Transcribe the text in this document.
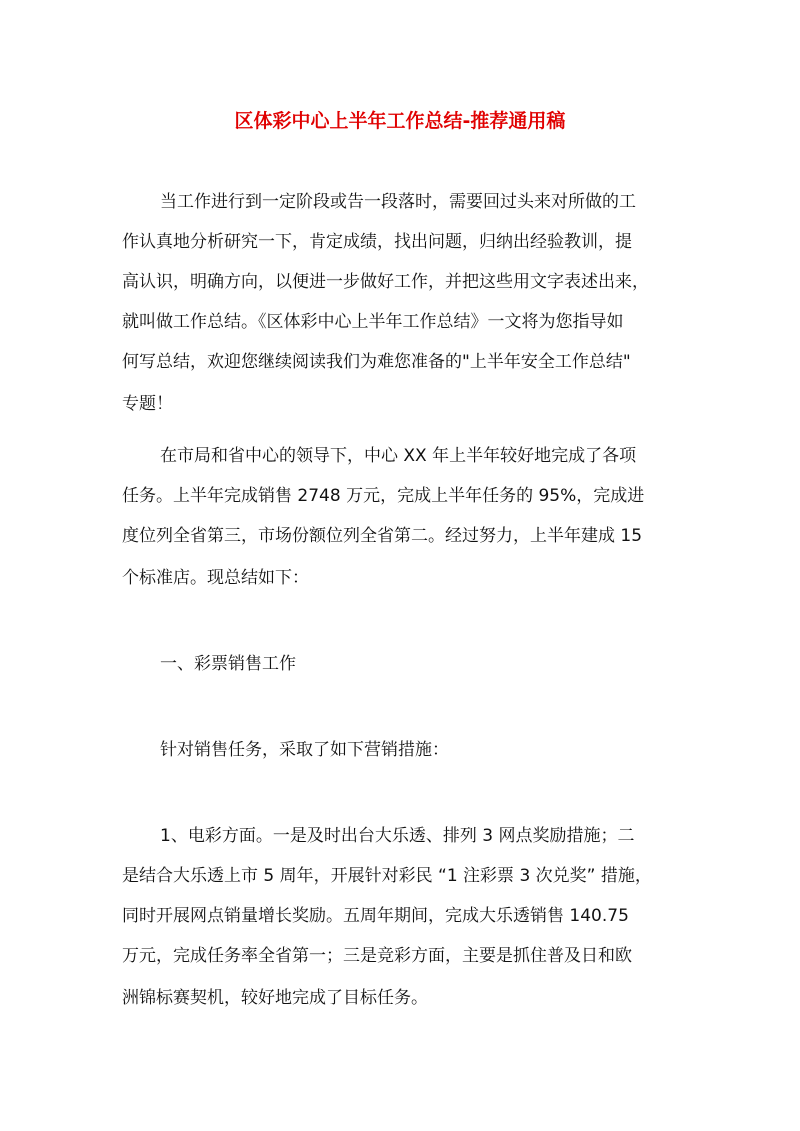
区体彩中心上半年工作总结-推荐通用稿
当工作进行到一定阶段或告一段落时，需要回过头来对所做的工
作认真地分析研究一下，肯定成绩，找出问题，归纳出经验教训，提
高认识，明确方向，以便进一步做好工作，并把这些用文字表述出来，
就叫做工作总结。《区体彩中心上半年工作总结》一文将为您指导如
何写总结，欢迎您继续阅读我们为难您准备的"上半年安全工作总结"
专题！
在市局和省中心的领导下，中心 XX 年上半年较好地完成了各项
任务。上半年完成销售 2748 万元，完成上半年任务的 95%，完成进
度位列全省第三，市场份额位列全省第二。经过努力，上半年建成 15
个标准店。现总结如下：
一、彩票销售工作
针对销售任务，采取了如下营销措施：
1、电彩方面。一是及时出台大乐透、排列 3 网点奖励措施；二
是结合大乐透上市 5 周年，开展针对彩民 “1 注彩票 3 次兑奖” 措施，
同时开展网点销量增长奖励。五周年期间，完成大乐透销售 140.75
万元，完成任务率全省第一；三是竞彩方面，主要是抓住普及日和欧
洲锦标赛契机，较好地完成了目标任务。
